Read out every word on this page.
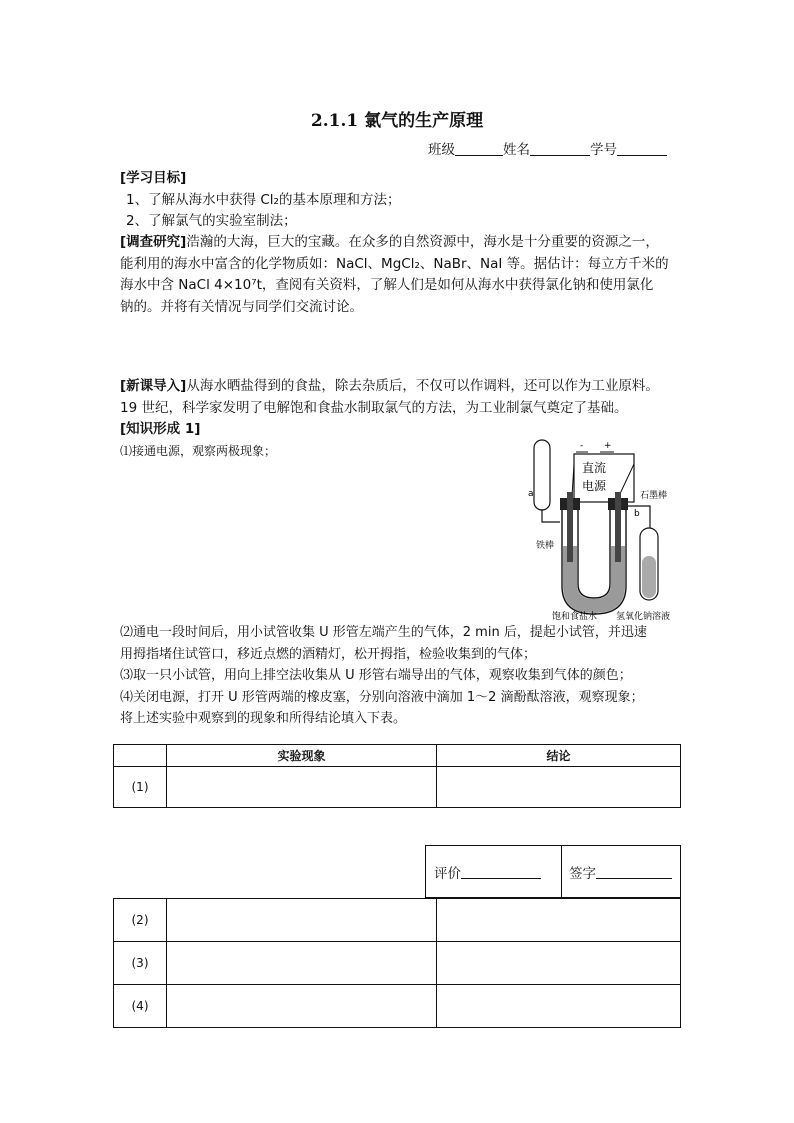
2.1.1 氯气的生产原理
班级	姓名	学号
[学习目标]
1、了解从海水中获得 Cl₂的基本原理和方法；
2、了解氯气的实验室制法；
[调查研究]浩瀚的大海，巨大的宝藏。在众多的自然资源中，海水是十分重要的资源之一，
能利用的海水中富含的化学物质如：NaCl、MgCl₂、NaBr、NaI 等。据估计：每立方千米的
海水中含 NaCl 4×10⁷t，查阅有关资料，了解人们是如何从海水中获得氯化钠和使用氯化
钠的。并将有关情况与同学们交流讨论。
[新课导入]从海水晒盐得到的食盐，除去杂质后，不仅可以作调料，还可以作为工业原料。
19 世纪，科学家发明了电解饱和食盐水制取氯气的方法，为工业制氯气奠定了基础。
[知识形成 1]
⑴接通电源，观察两极现象；	- +
直流
电源
a
b
石墨棒
铁棒
饱和食盐水 氢氧化钠溶液
⑵通电一段时间后，用小试管收集 U 形管左端产生的气体，2 min 后，提起小试管，并迅速
用拇指堵住试管口，移近点燃的酒精灯，松开拇指，检验收集到的气体；
⑶取一只小试管，用向上排空法收集从 U 形管右端导出的气体，观察收集到气体的颜色；
⑷关闭电源，打开 U 形管两端的橡皮塞，分别向溶液中滴加 1～2 滴酚酞溶液，观察现象；
将上述实验中观察到的现象和所得结论填入下表。
	实验现象	结论
(1)		
评价	签字
(2)		
(3)		
(4)		
